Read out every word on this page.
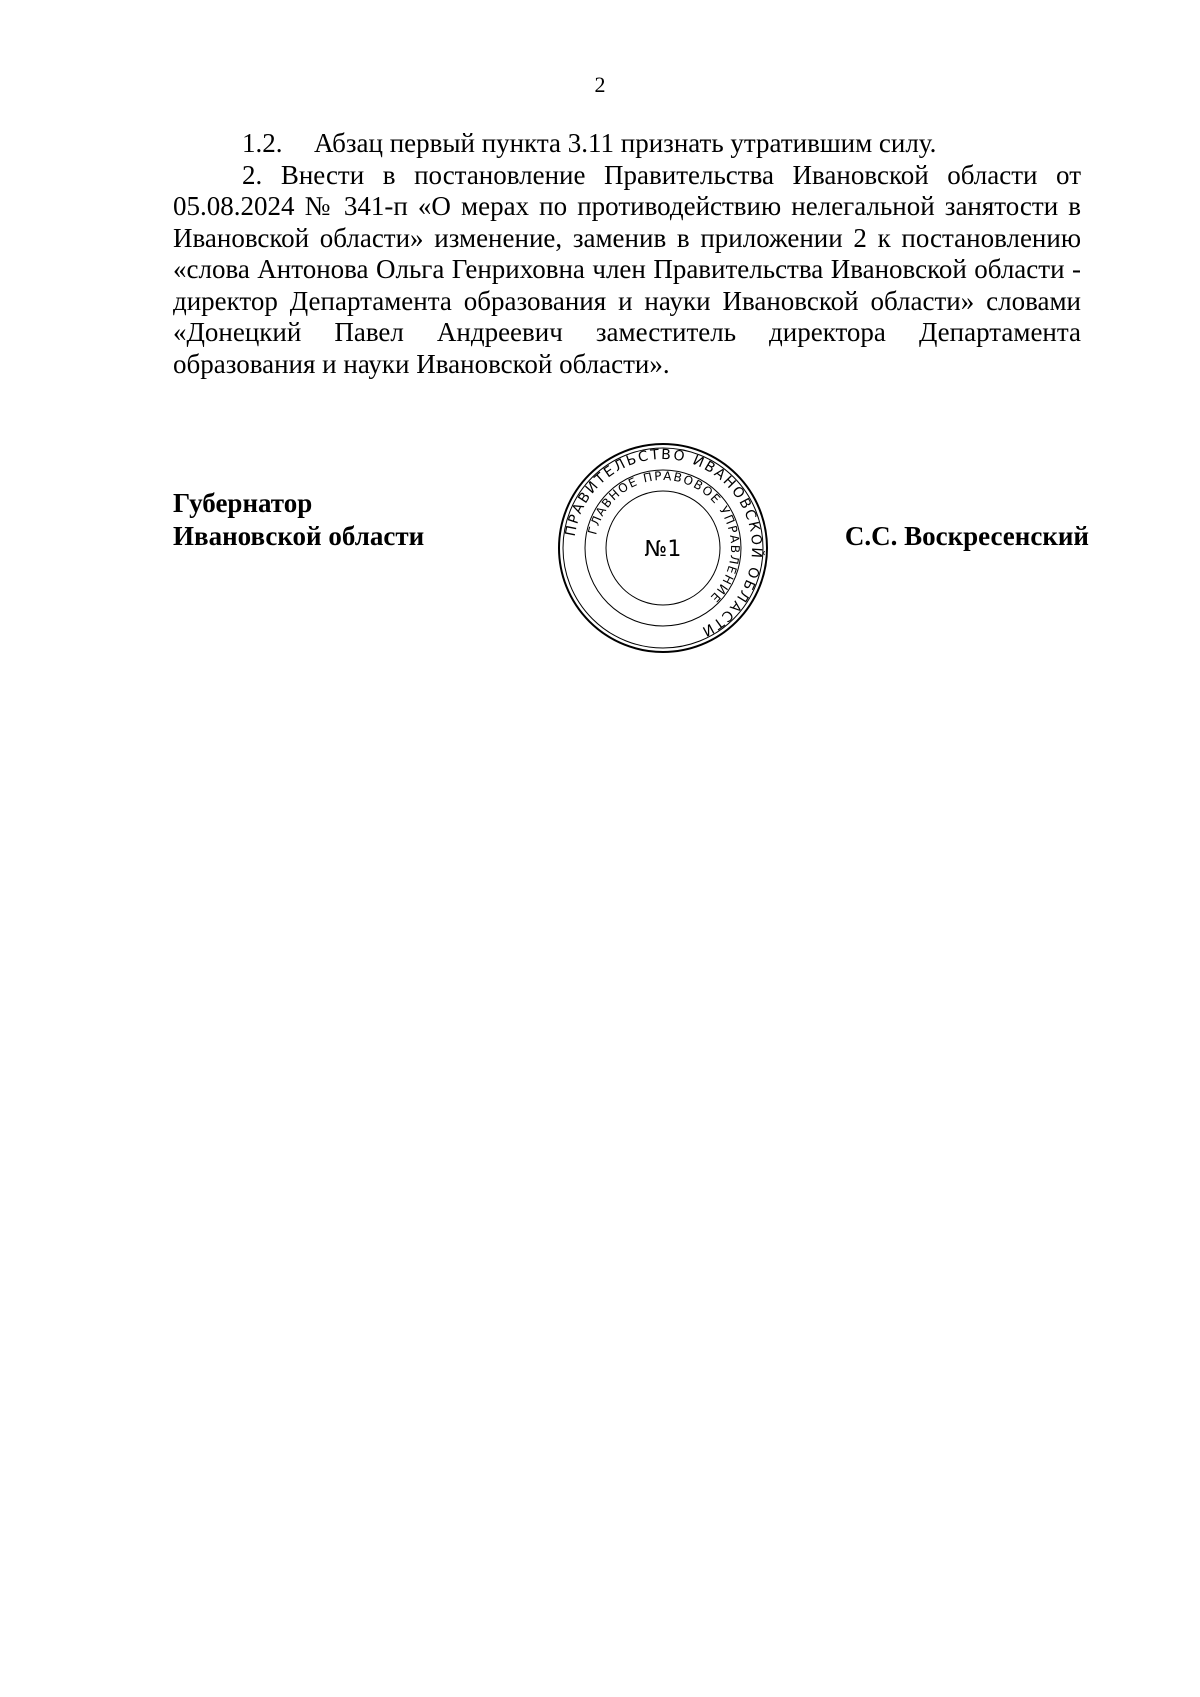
2

1.2. Абзац первый пункта 3.11 признать утратившим силу.

2. Внести в постановление Правительства Ивановской области от 05.08.2024 № 341-п «О мерах по противодействию нелегальной занятости в Ивановской области» изменение, заменив в приложении 2 к постановлению «слова Антонова Ольга Генриховна член Правительства Ивановской области - директор Департамента образования и науки Ивановской области» словами «Донецкий Павел Андреевич заместитель директора Департамента образования и науки Ивановской области».

Губернатор
Ивановской области	ПРАВИТЕЛЬСТВО ИВАНОВСКОЙ ОБЛАСТИ
ГЛАВНОЕ ПРАВОВОЕ УПРАВЛЕНИЕ
№1	С.С. Воскресенский
